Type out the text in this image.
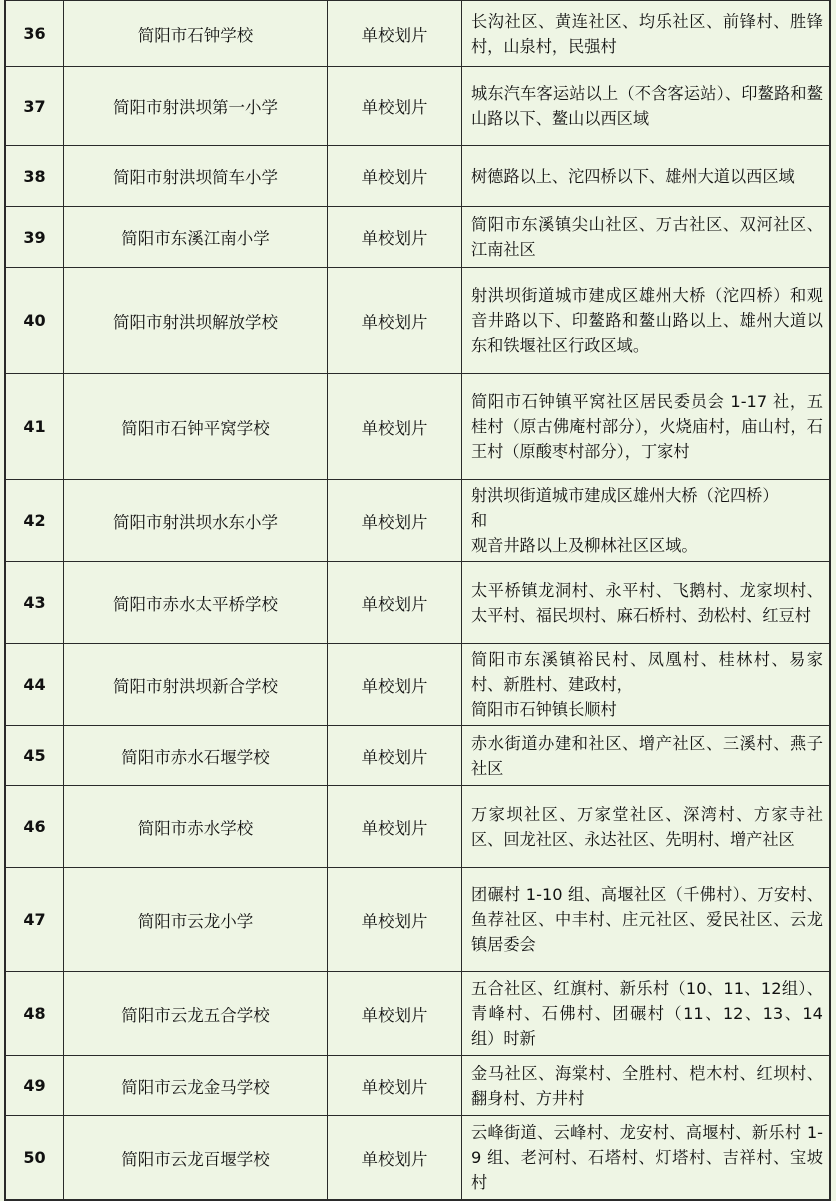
36	简阳市石钟学校	单校划片
长沟社区、黄连社区、均乐社区、前锋村、胜锋村，山泉村，民强村
37	简阳市射洪坝第一小学	单校划片
城东汽车客运站以上（不含客运站）、印鳌路和鳌山路以下、鳌山以西区域
38	简阳市射洪坝简车小学	单校划片	树德路以上、沱四桥以下、雄州大道以西区域
39	简阳市东溪江南小学	单校划片
简阳市东溪镇尖山社区、万古社区、双河社区、江南社区
40	简阳市射洪坝解放学校	单校划片
射洪坝街道城市建成区雄州大桥（沱四桥）和观音井路以下、印鳌路和鳌山路以上、雄州大道以东和铁堰社区行政区域。
41	简阳市石钟平窝学校	单校划片
简阳市石钟镇平窝社区居民委员会 1-17 社，五桂村（原古佛庵村部分），火烧庙村，庙山村，石王村（原酸枣村部分），丁家村
42	简阳市射洪坝水东小学	单校划片
射洪坝街道城市建成区雄州大桥（沱四桥）
和
观音井路以上及柳林社区区域。
43	简阳市赤水太平桥学校	单校划片
太平桥镇龙洞村、永平村、飞鹅村、龙家坝村、太平村、福民坝村、麻石桥村、劲松村、红豆村
44	简阳市射洪坝新合学校	单校划片
简阳市东溪镇裕民村、凤凰村、桂林村、易家村、新胜村、建政村，
简阳市石钟镇长顺村
45	简阳市赤水石堰学校	单校划片
赤水街道办建和社区、增产社区、三溪村、燕子社区
46	简阳市赤水学校	单校划片
万家坝社区、万家堂社区、深湾村、方家寺社区、回龙社区、永达社区、先明村、增产社区
47	简阳市云龙小学	单校划片
团碾村 1-10 组、高堰社区（千佛村）、万安村、鱼荐社区、中丰村、庄元社区、爱民社区、云龙镇居委会
48	简阳市云龙五合学校	单校划片
五合社区、红旗村、新乐村（10、11、12组）、青峰村、石佛村、团碾村（11、12、13、14 组）时新
49	简阳市云龙金马学校	单校划片
金马社区、海棠村、全胜村、桤木村、红坝村、翻身村、方井村
50	简阳市云龙百堰学校	单校划片
云峰街道、云峰村、龙安村、高堰村、新乐村 1-9 组、老河村、石塔村、灯塔村、吉祥村、宝坡村
